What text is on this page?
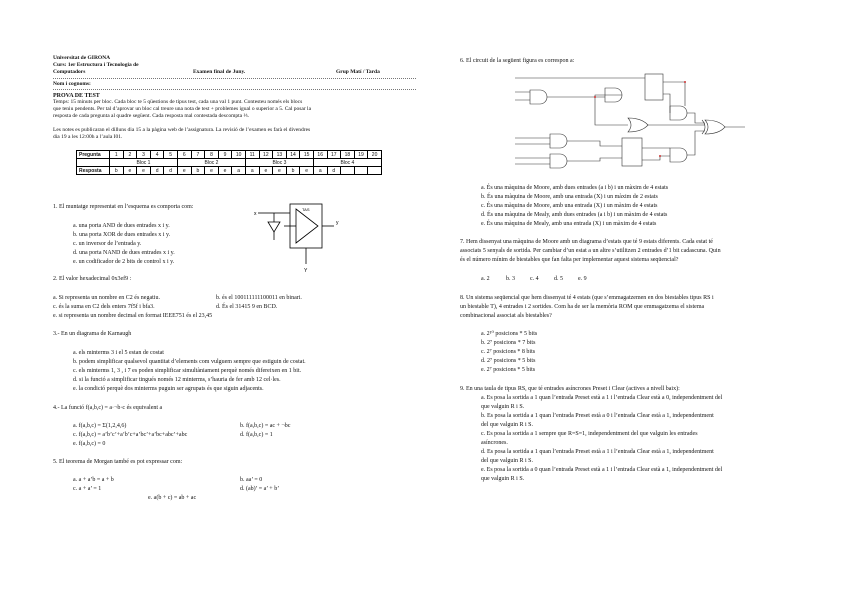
Universitat de GIRONA
Curs: 1er Estructura i Tecnologia de
Computadors	Examen final de Juny.	Grup Matí / Tarda
Nom i cognoms:
PROVA DE TEST
Temps: 15 minuts per bloc. Cada bloc te 5 qüestions de tipus test, cada una val 1 punt. Contesteu només els blocs
que teniu pendents. Per tal d’aprovar un bloc cal treure una nota de test + problemes igual o superior a 5. Cal posar la
resposta de cada pregunta al quadre següent. Cada resposta mal contestada descompta ⅓.
Les notes es publicaran el dilluns dia 15 a la pàgina web de l’assignatura. La revisió de l’examen es farà el divendres
dia 19 a les 12:00h a l’aula I01.
Pregunta	1	2	3	4	5	6	7	8	9	10	11	12	13	14	15	16	17	18	19	20
	Bloc 1					Bloc 2					Bloc 3					Bloc 4				
Resposta	b	e	e	d	d	e	b	e	e	a	a	e	e	b	e	a	d			
1. El muntatge representat en l’esquema es comporta com:
a. una porta AND de dues entrades x i y.
b. una porta XOR de dues entrades x i y.
c. un inversor de l’entrada y.
d. una porta NAND de dues entrades x i y.
e. un codificador de 2 bits de control x i y.
x
TAS
y
Y
2. El valor hexadecimal 0x3ef9 :
a. Si representa un nombre en C2 és negatiu.	b. és el 100111111100011 en binari.
c. és la suma en C2 dels enters 7f5f i bfa3.	d. És el 31415 9 en BCD.
e. si representa un nombre decimal en format IEEE751 és el 23,45
3.- En un diagrama de Karnaugh
a. els minterms 3 i el 5 estan de costat
b. podem simplificar qualsevol quantitat d’elements com vulguem sempre que estiguin de costat.
c. els minterms 1, 3 , i 7 es poden simplificar simultàniament perquè només difereixen en 1 bit.
d. si la funció a simplificar tingués només 12 minterms, s’hauria de fer amb 12 cel·les.
e. la condició perquè dos minterms puguin ser agrupats és que siguin adjacents.
4.- La funció f(a,b,c) = a·¬b·c és equivalent a
a. f(a,b,c) = Σ(1,2,4,6)	b. f(a,b,c) = ac + ¬bc
c. f(a,b,c) = a’b’c’+a’b’c+a’bc’+a’bc+abc’+abc	d. f(a,b,c) = 1
e. f(a,b,c) = 0
5. El teorema de Morgan també es pot expressar com:
a. a + a’b = a + b	b. aa’ = 0
c. a + a’ = 1	d. (ab)’ = a’ + b’
e. a(b + c) = ab + ac
6. El circuit de la següent figura es correspon a:
a. És una màquina de Moore, amb dues entrades (a i b) i un màxim de 4 estats
b. És una màquina de Moore, amb una entrada (X) i un màxim de 2 estats
c. És una màquina de Moore, amb una entrada (X) i un màxim de 4 estats
d. És una màquina de Mealy, amb dues entrades (a i b) i un màxim de 4 estats
e. És una màquina de Mealy, amb una entrada (X) i un màxim de 4 estats
7. Hem dissenyat una màquina de Moore amb un diagrama d’estats que té 9 estats diferents. Cada estat té
associats 5 senyals de sortida. Per cambiar d’un estat a un altre s’utilitzen 2 entrades d’1 bit cadascuna. Quin
és el número mínim de biestables que fan falta per implementar aquest sistema seqüencial?
a. 2	b. 3	c. 4	d. 5	e. 9
8. Un sistema seqüencial que hem dissenyat té 4 estats (que s’emmagatzemen en dos biestables tipus RS i
un biestable T), 4 entrades i 2 sortides. Com ha de ser la memòria ROM que emmagatzema el sistema
combinacional associat als biestables?
a. 2¹⁰ posicions * 5 bits
b. 2⁷ posicions * 7 bits
c. 2⁷ posicions * 8 bits
d. 2⁷ posicions * 5 bits
e. 2⁷ posicions * 5 bits
9. En una taula de tipus RS, que té entrades asíncrones Preset i Clear (actives a nivell baix):
a. Es posa la sortida a 1 quan l’entrada Preset està a 1 i l’entrada Clear està a 0, independentment del
que valguin R i S.
b. Es posa la sortida a 1 quan l’entrada Preset està a 0 i l’entrada Clear està a 1, independentment
del que valguin R i S.
c. Es posa la sortida a 1 sempre que R=S=1, independentment del que valguin les entrades
asíncrones.
d. Es posa la sortida a 1 quan l’entrada Preset està a 1 i l’entrada Clear està a 1, independentment
del que valguin R i S.
e. Es posa la sortida a 0 quan l’entrada Preset està a 1 i l’entrada Clear està a 1, independentment del
que valguin R i S.
